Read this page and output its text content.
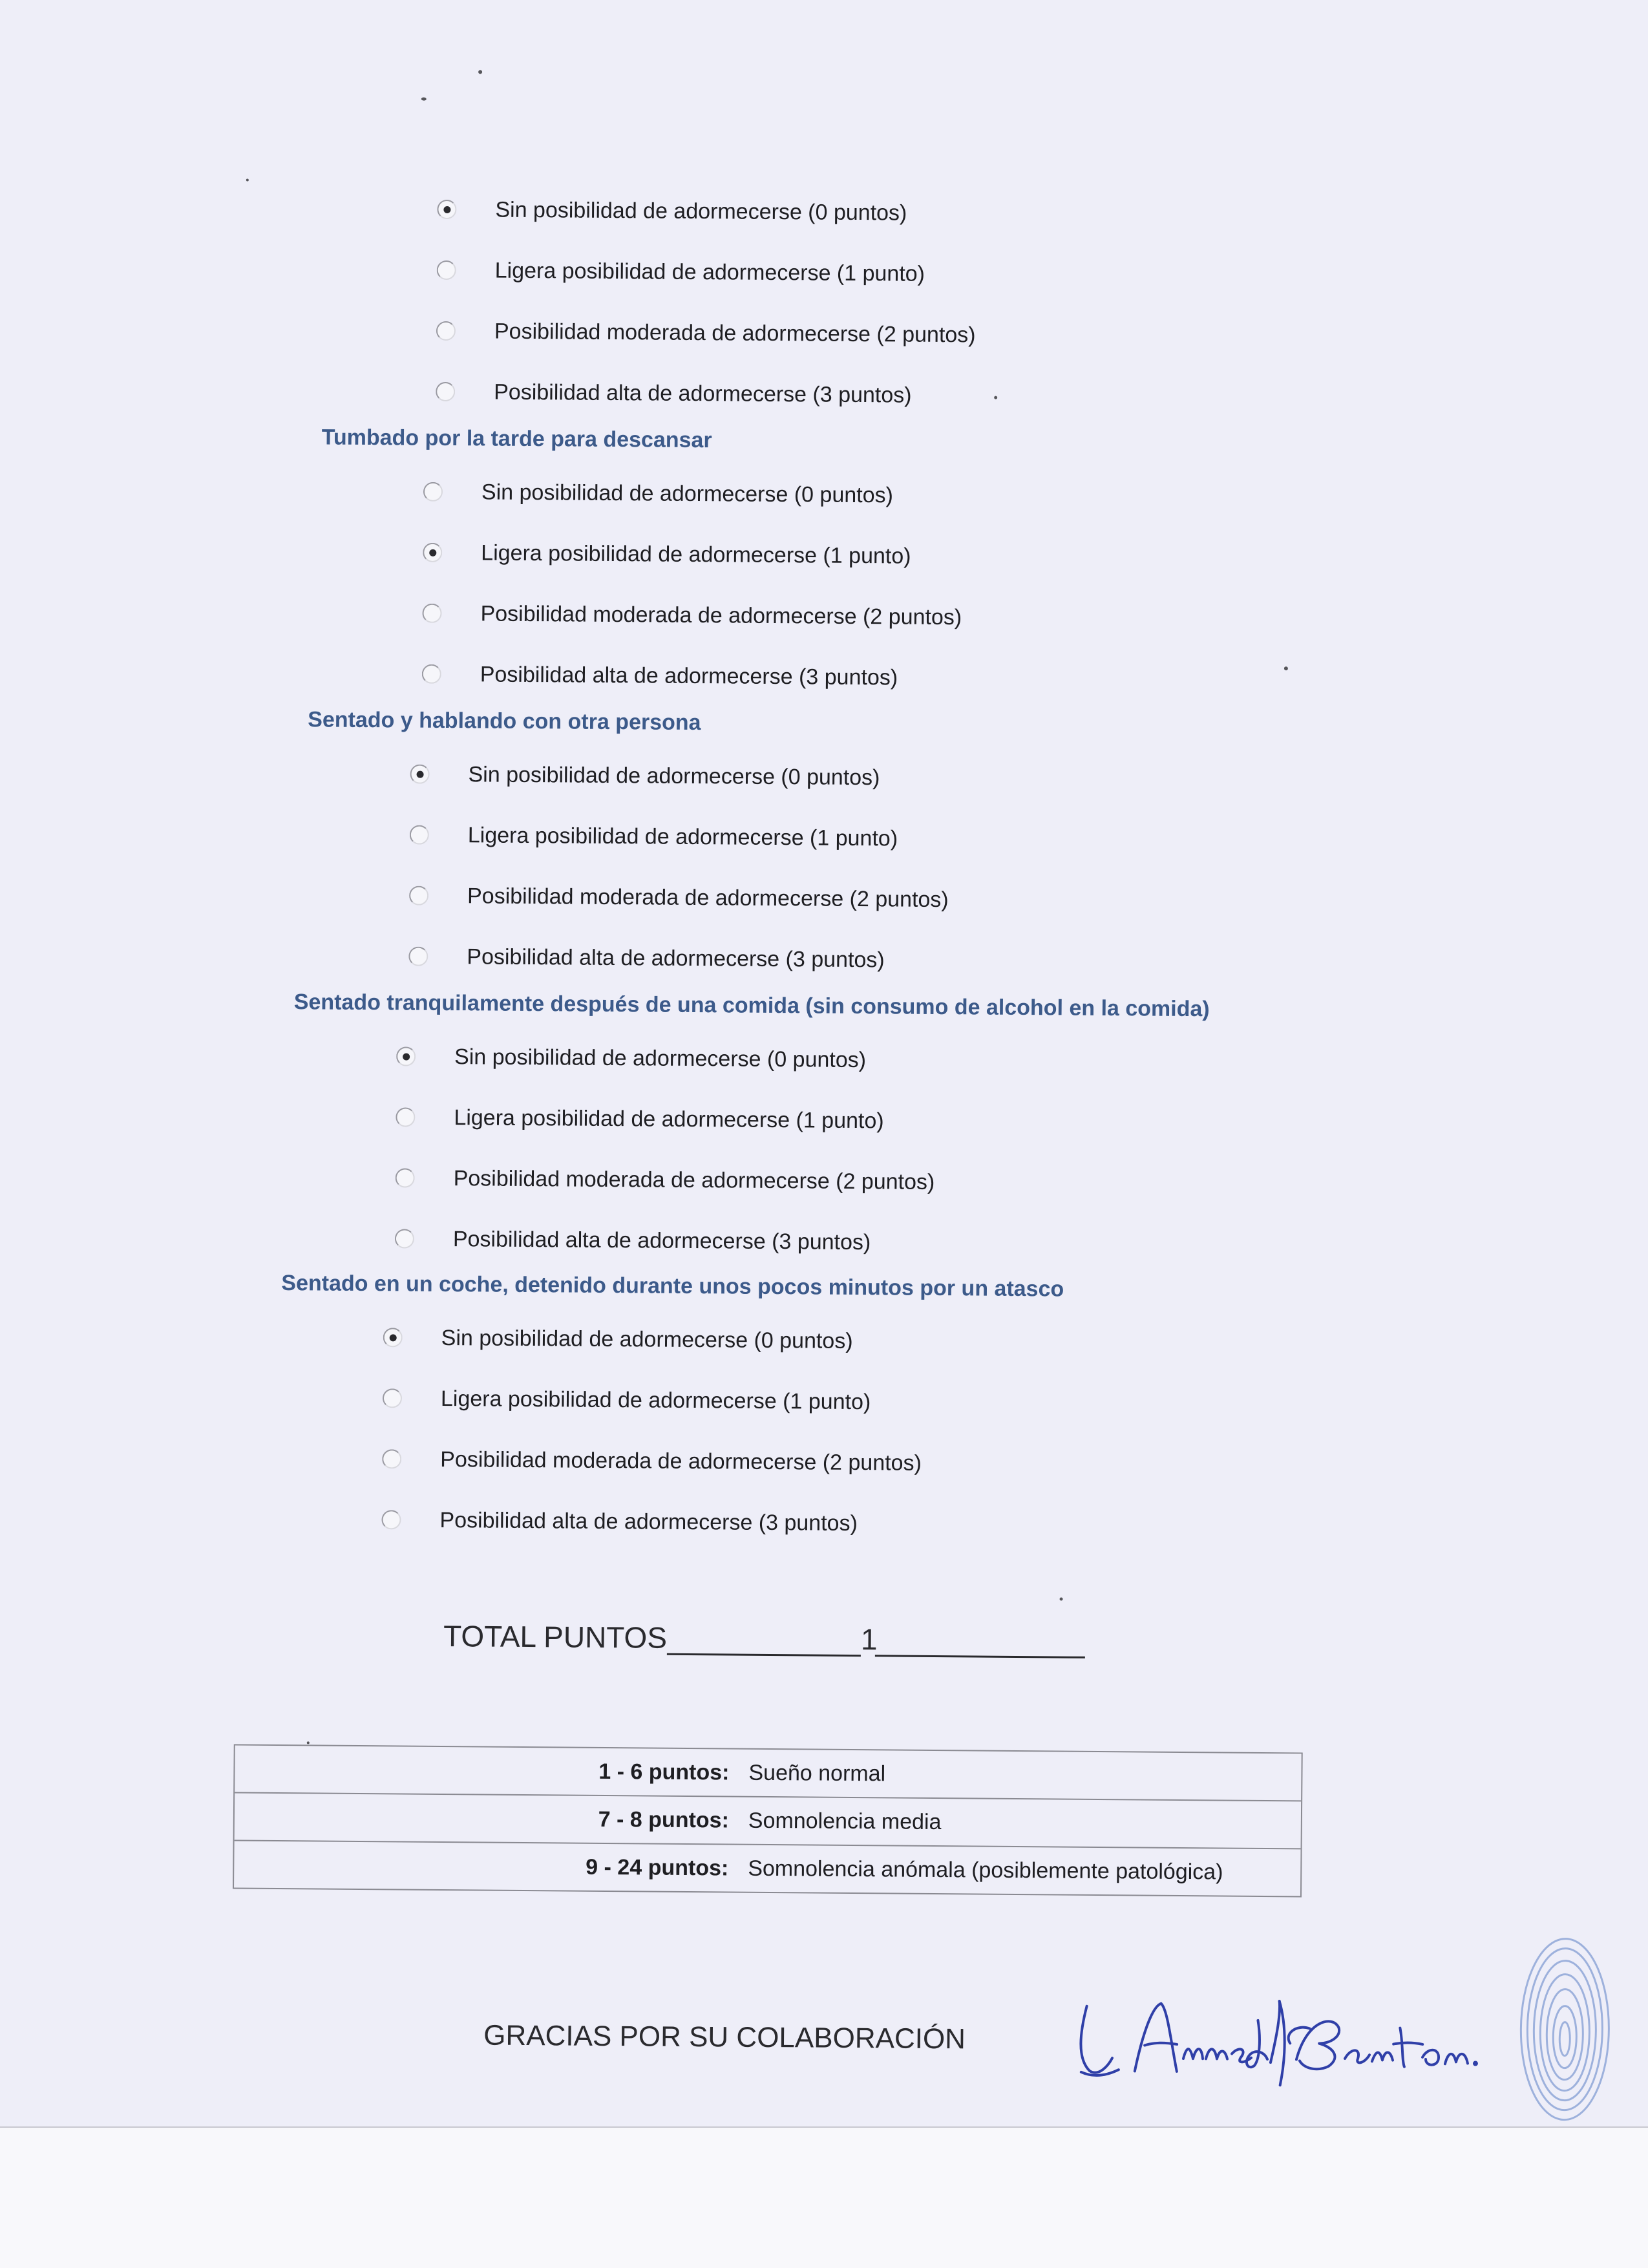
Sin posibilidad de adormecerse (0 puntos)
Ligera posibilidad de adormecerse (1 punto)
Posibilidad moderada de adormecerse (2 puntos)
Posibilidad alta de adormecerse (3 puntos)
Tumbado por la tarde para descansar
Sin posibilidad de adormecerse (0 puntos)
Ligera posibilidad de adormecerse (1 punto)
Posibilidad moderada de adormecerse (2 puntos)
Posibilidad alta de adormecerse (3 puntos)
Sentado y hablando con otra persona
Sin posibilidad de adormecerse (0 puntos)
Ligera posibilidad de adormecerse (1 punto)
Posibilidad moderada de adormecerse (2 puntos)
Posibilidad alta de adormecerse (3 puntos)
Sentado tranquilamente después de una comida (sin consumo de alcohol en la comida)
Sin posibilidad de adormecerse (0 puntos)
Ligera posibilidad de adormecerse (1 punto)
Posibilidad moderada de adormecerse (2 puntos)
Posibilidad alta de adormecerse (3 puntos)
Sentado en un coche, detenido durante unos pocos minutos por un atasco
Sin posibilidad de adormecerse (0 puntos)
Ligera posibilidad de adormecerse (1 punto)
Posibilidad moderada de adormecerse (2 puntos)
Posibilidad alta de adormecerse (3 puntos)
TOTAL PUNTOS	1
1 - 6 puntos: Sueño normal
7 - 8 puntos: Somnolencia media
9 - 24 puntos: Somnolencia anómala (posiblemente patológica)
GRACIAS POR SU COLABORACIÓN
